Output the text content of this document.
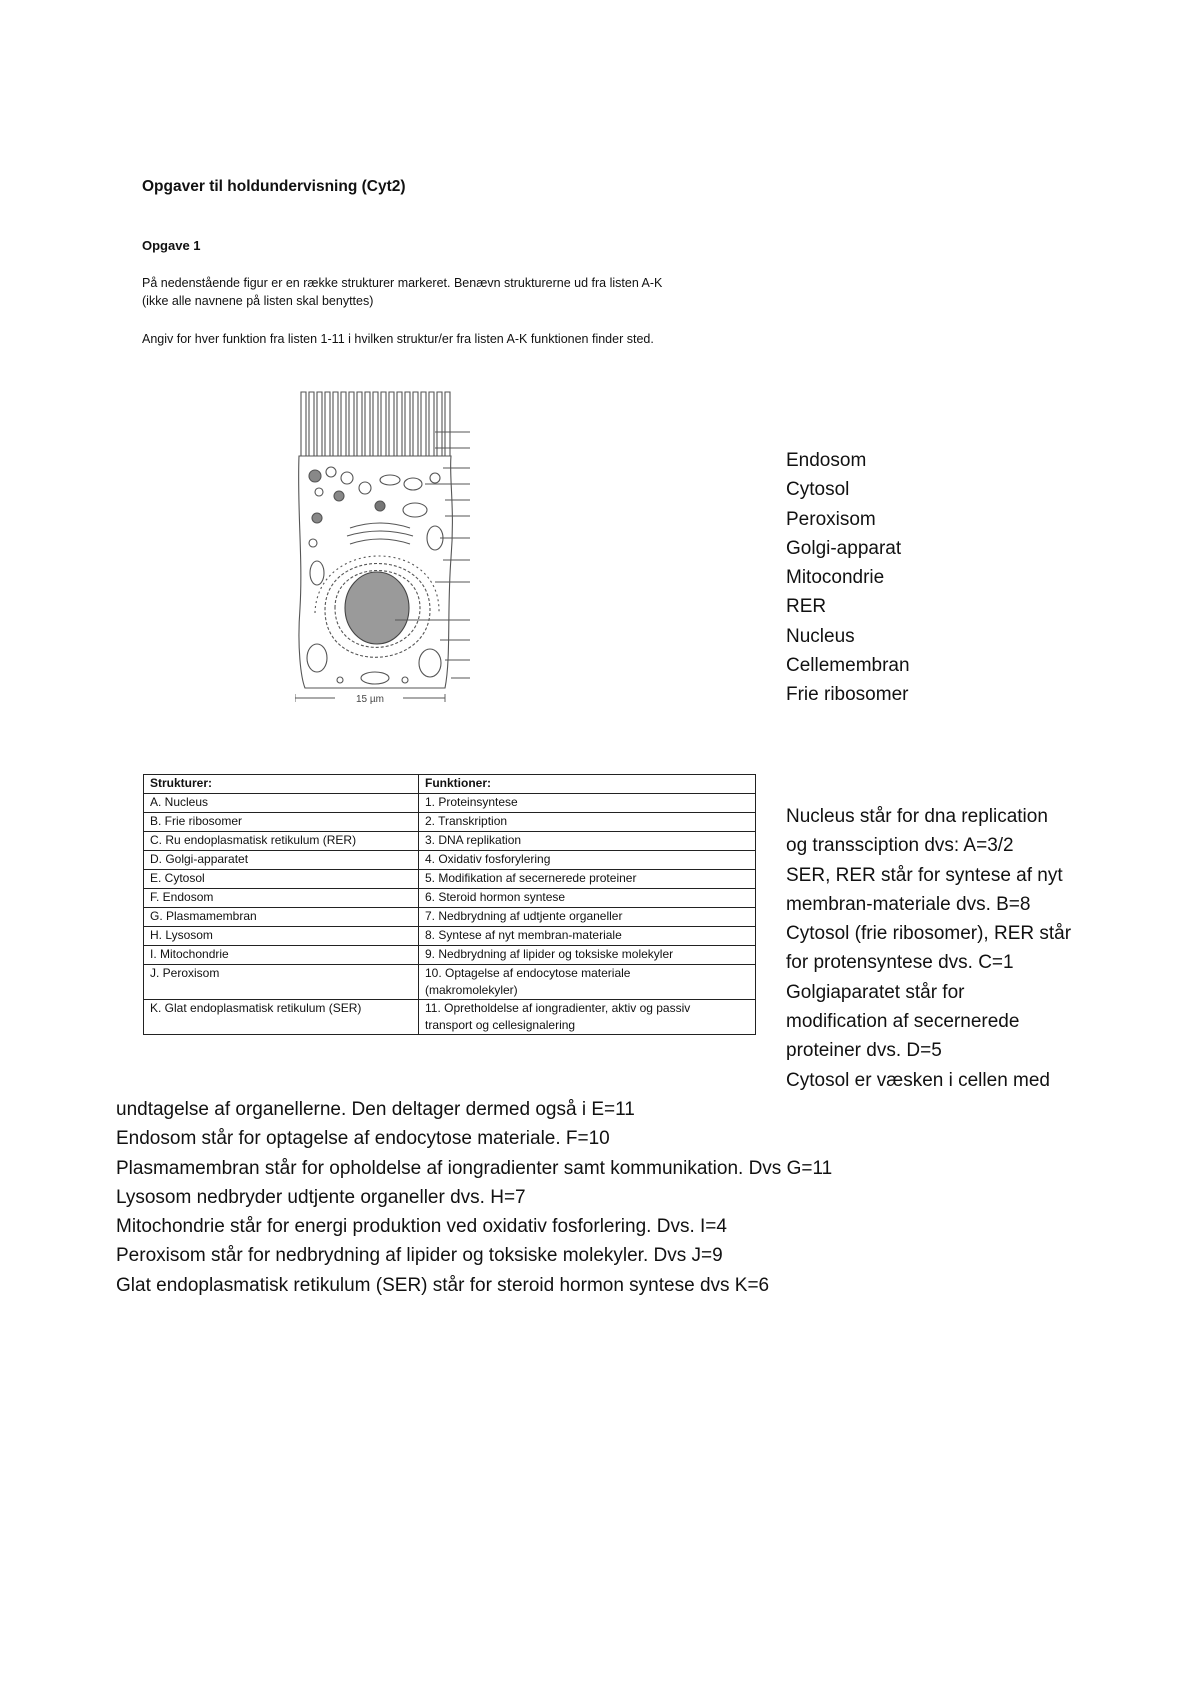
Opgaver til holdundervisning (Cyt2)
Opgave 1
På nedenstående figur er en række strukturer markeret. Benævn strukturerne ud fra listen A-K (ikke alle navnene på listen skal benyttes)
Angiv for hver funktion fra listen 1-11 i hvilken struktur/er fra listen A-K funktionen finder sted.
15 µm
Endosom
Cytosol
Peroxisom
Golgi-apparat
Mitocondrie
RER
Nucleus
Cellemembran
Frie ribosomer
Strukturer:	Funktioner:
A. Nucleus	1. Proteinsyntese
B. Frie ribosomer	2. Transkription
C. Ru endoplasmatisk retikulum (RER)	3. DNA replikation
D. Golgi-apparatet	4. Oxidativ fosforylering
E. Cytosol	5. Modifikation af secernerede proteiner
F. Endosom	6. Steroid hormon syntese
G. Plasmamembran	7. Nedbrydning af udtjente organeller
H. Lysosom	8. Syntese af nyt membran-materiale
I. Mitochondrie	9. Nedbrydning af lipider og toksiske molekyler
J. Peroxisom	10. Optagelse af endocytose materiale
(makromolekyler)

K. Glat endoplasmatisk retikulum (SER)	11. Opretholdelse af iongradienter, aktiv og passiv
transport og cellesignalering
Nucleus står for dna replication
og transsciption dvs: A=3/2
SER, RER står for syntese af nyt
membran-materiale dvs. B=8
Cytosol (frie ribosomer), RER står
for protensyntese dvs. C=1
Golgiaparatet står for
modification af secernerede
proteiner dvs. D=5
Cytosol er væsken i cellen med
undtagelse af organellerne. Den deltager dermed også i E=11
Endosom står for optagelse af endocytose materiale. F=10
Plasmamembran står for opholdelse af iongradienter samt kommunikation. Dvs G=11
Lysosom nedbryder udtjente organeller dvs. H=7
Mitochondrie står for energi produktion ved oxidativ fosforlering. Dvs. I=4
Peroxisom står for nedbrydning af lipider og toksiske molekyler. Dvs J=9
Glat endoplasmatisk retikulum (SER) står for steroid hormon syntese dvs K=6
